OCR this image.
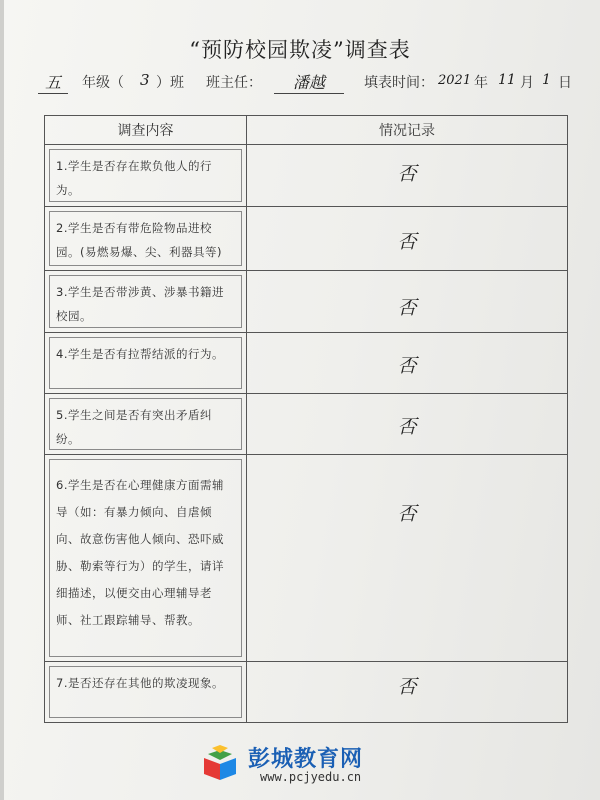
“预防校园欺凌”调查表
五	年级（ 3 ）班 班主任：	潘越	填表时间： 2021 年 11 月 1 日
调查内容	情况记录

1.学生是否存在欺负他人的行为。	否

2.学生是否有带危险物品进校园。(易燃易爆、尖、利器具等)	否

3.学生是否带涉黄、涉暴书籍进校园。	否

4.学生是否有拉帮结派的行为。	否

5.学生之间是否有突出矛盾纠纷。	否

6.学生是否在心理健康方面需辅导（如：有暴力倾向、自虐倾向、故意伤害他人倾向、恐吓威胁、勒索等行为）的学生，请详细描述，以便交由心理辅导老师、社工跟踪辅导、帮教。	否

7.是否还存在其他的欺凌现象。	否
彭城教育网
www.pcjyedu.cn
